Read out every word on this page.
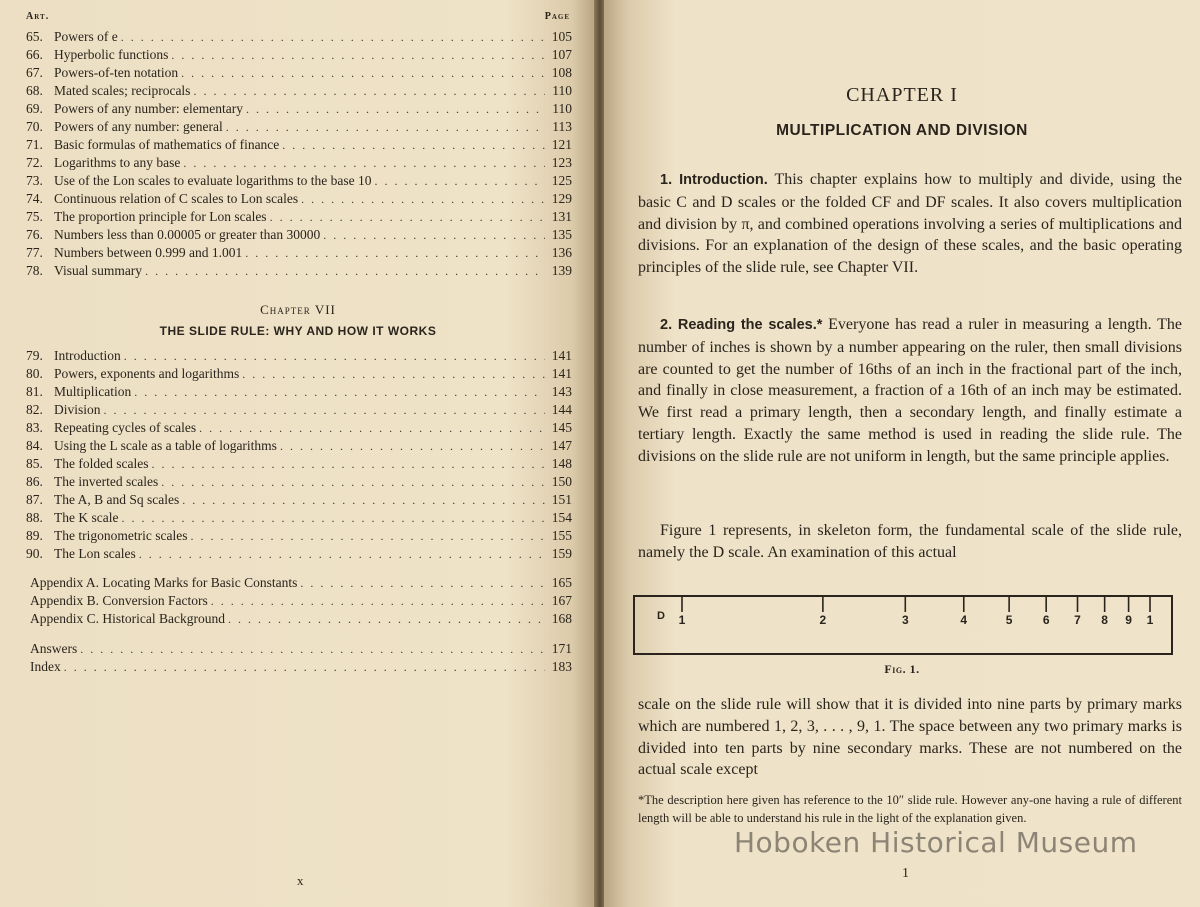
Art.	Page
65. Powers of e . . .	105
66. Hyperbolic functions . . .	107
67. Powers-of-ten notation . . .	108
68. Mated scales; reciprocals . . .	110
69. Powers of any number: elementary . . .	110
70. Powers of any number: general . . .	113
71. Basic formulas of mathematics of finance . . .	121
72. Logarithms to any base . . .	123
73. Use of the Lon scales to evaluate logarithms to the base 10 . . .	125
74. Continuous relation of C scales to Lon scales . . .	129
75. The proportion principle for Lon scales . . .	131
76. Numbers less than 0.00005 or greater than 30000 . . .	135
77. Numbers between 0.999 and 1.001 . . .	136
78. Visual summary . . .	139
Chapter VII
THE SLIDE RULE: WHY AND HOW IT WORKS
79. Introduction . . .	141
80. Powers, exponents and logarithms . . .	141
81. Multiplication . . .	143
82. Division . . .	144
83. Repeating cycles of scales . . .	145
84. Using the L scale as a table of logarithms . . .	147
85. The folded scales . . .	148
86. The inverted scales . . .	150
87. The A, B and Sq scales . . .	151
88. The K scale . . .	154
89. The trigonometric scales . . .	155
90. The Lon scales . . .	159
Appendix A. Locating Marks for Basic Constants . . .	165
Appendix B. Conversion Factors . . .	167
Appendix C. Historical Background . . .	168
Answers . . .	171
Index . . .	183
x
CHAPTER I
MULTIPLICATION AND DIVISION
1. Introduction. This chapter explains how to multiply and divide, using the basic C and D scales or the folded CF and DF scales. It also covers multiplication and division by π, and combined operations involving a series of multiplications and divisions. For an explanation of the design of these scales, and the basic operating principles of the slide rule, see Chapter VII.
2. Reading the scales.* Everyone has read a ruler in measuring a length. The number of inches is shown by a number appearing on the ruler, then small divisions are counted to get the number of 16ths of an inch in the fractional part of the inch, and finally in close measurement, a fraction of a 16th of an inch may be estimated. We first read a primary length, then a secondary length, and finally estimate a tertiary length. Exactly the same method is used in reading the slide rule. The divisions on the slide rule are not uniform in length, but the same principle applies.
Figure 1 represents, in skeleton form, the fundamental scale of the slide rule, namely the D scale. An examination of this actual
D 1	2	3	4	5	6 7 8 9 1
Fig. 1.
scale on the slide rule will show that it is divided into nine parts by primary marks which are numbered 1, 2, 3, . . . , 9, 1. The space between any two primary marks is divided into ten parts by nine secondary marks. These are not numbered on the actual scale except
*The description here given has reference to the 10″ slide rule. However any-one having a rule of different length will be able to understand his rule in the light of the explanation given.
Hoboken Historical Museum
1
